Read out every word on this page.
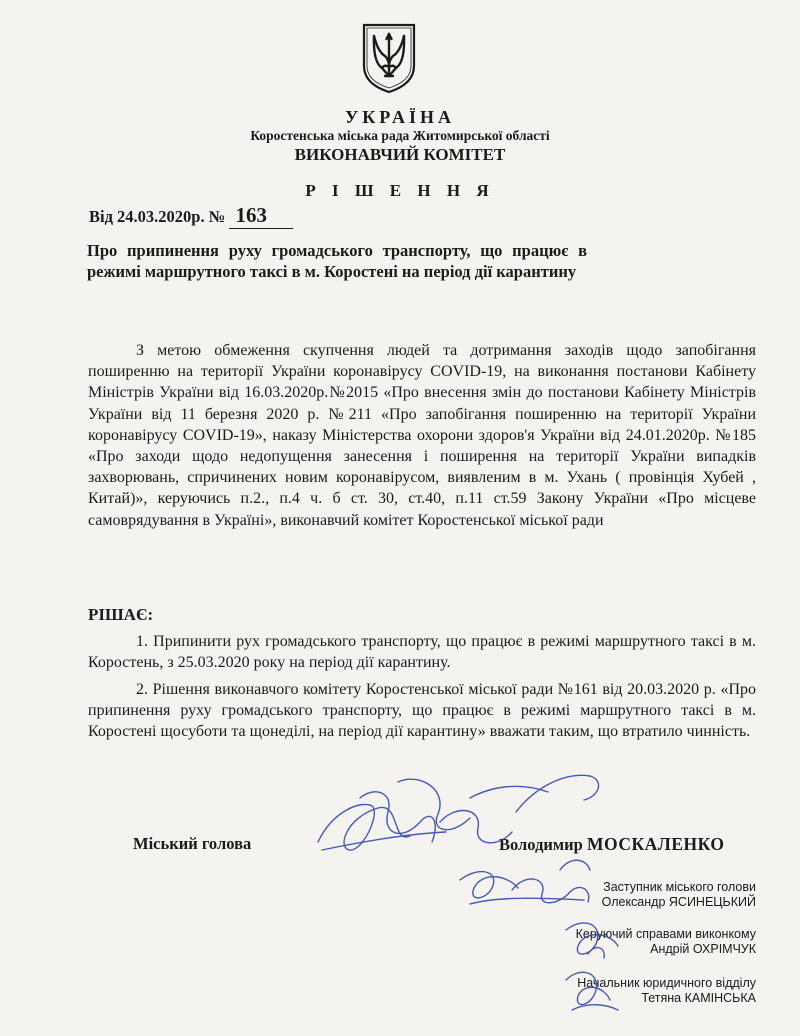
УКРАЇНА
Коростенська міська рада Житомирської області
ВИКОНАВЧИЙ КОМІТЕТ
Р І Ш Е Н Н Я
Від 24.03.2020р. № 163
Про припинення руху громадського транспорту, що працює в режимі маршрутного таксі в м. Коростені на період дії карантину

З метою обмеження скупчення людей та дотримання заходів щодо запобігання поширенню на території України коронавірусу COVID-19, на виконання постанови Кабінету Міністрів України від 16.03.2020р.№2015 «Про внесення змін до постанови Кабінету Міністрів України від 11 березня 2020 р. №211 «Про запобігання поширенню на території України коронавірусу COVID-19», наказу Міністерства охорони здоров'я України від 24.01.2020р. №185 «Про заходи щодо недопущення занесення і поширення на території України випадків захворювань, спричинених новим коронавірусом, виявленим в м. Ухань ( провінція Хубей , Китай)», керуючись п.2., п.4 ч. б ст. 30, ст.40, п.11 ст.59 Закону України «Про місцеве самоврядування в Україні», виконавчий комітет Коростенської міської ради

РІШАЄ:

1. Припинити рух громадського транспорту, що працює в режимі маршрутного таксі в м. Коростень, з 25.03.2020 року на період дії карантину.

2. Рішення виконавчого комітету Коростенської міської ради №161 від 20.03.2020 р. «Про припинення руху громадського транспорту, що працює в режимі маршрутного таксі в м. Коростені щосуботи та щонеділі, на період дії карантину» вважати таким, що втратило чинність.

Міський голова	Володимир МОСКАЛЕНКО
Заступник міського голови
Олександр ЯСИНЕЦЬКИЙ
Керуючий справами виконкому
Андрій ОХРІМЧУК
Начальник юридичного відділу
Тетяна КАМІНСЬКА
